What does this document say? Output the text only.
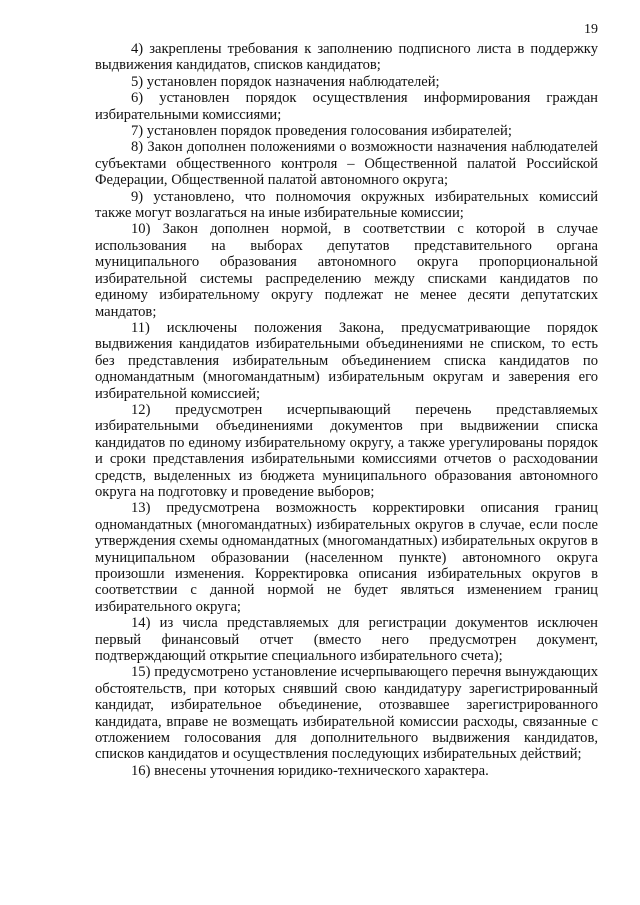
19

4) закреплены требования к заполнению подписного листа в поддержку выдвижения кандидатов, списков кандидатов;

5) установлен порядок назначения наблюдателей;

6) установлен порядок осуществления информирования граждан избирательными комиссиями;

7) установлен порядок проведения голосования избирателей;

8) Закон дополнен положениями о возможности назначения наблюдателей субъектами общественного контроля – Общественной палатой Российской Федерации, Общественной палатой автономного округа;

9) установлено, что полномочия окружных избирательных комиссий также могут возлагаться на иные избирательные комиссии;

10) Закон дополнен нормой, в соответствии с которой в случае использования на выборах депутатов представительного органа муниципального образования автономного округа пропорциональной избирательной системы распределению между списками кандидатов по единому избирательному округу подлежат не менее десяти депутатских мандатов;

11) исключены положения Закона, предусматривающие порядок выдвижения кандидатов избирательными объединениями не списком, то есть без представления избирательным объединением списка кандидатов по одномандатным (многомандатным) избирательным округам и заверения его избирательной комиссией;

12) предусмотрен исчерпывающий перечень представляемых избирательными объединениями документов при выдвижении списка кандидатов по единому избирательному округу, а также урегулированы порядок и сроки представления избирательными комиссиями отчетов о расходовании средств, выделенных из бюджета муниципального образования автономного округа на подготовку и проведение выборов;

13) предусмотрена возможность корректировки описания границ одномандатных (многомандатных) избирательных округов в случае, если после утверждения схемы одномандатных (многомандатных) избирательных округов в муниципальном образовании (населенном пункте) автономного округа произошли изменения. Корректировка описания избирательных округов в соответствии с данной нормой не будет являться изменением границ избирательного округа;

14) из числа представляемых для регистрации документов исключен первый финансовый отчет (вместо него предусмотрен документ, подтверждающий открытие специального избирательного счета);

15) предусмотрено установление исчерпывающего перечня вынуждающих обстоятельств, при которых снявший свою кандидатуру зарегистрированный кандидат, избирательное объединение, отозвавшее зарегистрированного кандидата, вправе не возмещать избирательной комиссии расходы, связанные с отложением голосования для дополнительного выдвижения кандидатов, списков кандидатов и осуществления последующих избирательных действий;

16) внесены уточнения юридико-технического характера.
